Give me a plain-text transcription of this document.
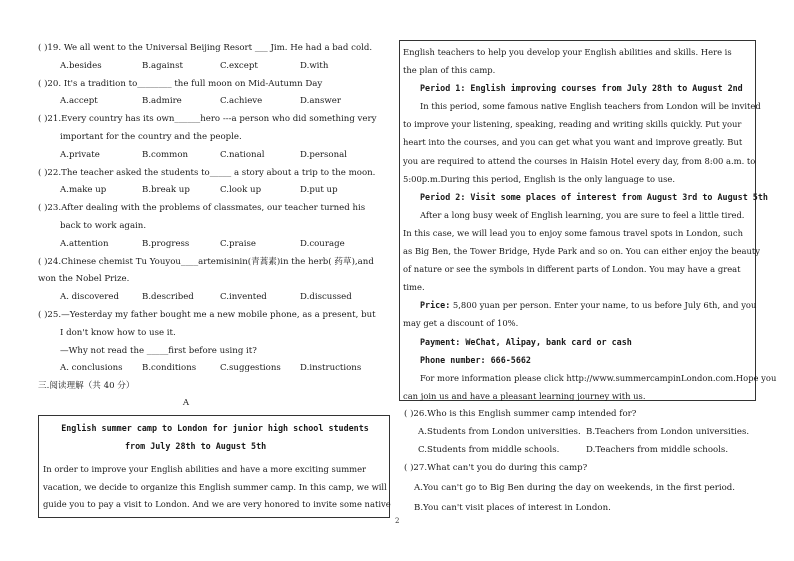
( )19. We all went to the Universal Beijing Resort ___ Jim. He had a bad cold.
A.besides	B.against	C.except	D.with
( )20. It's a tradition to________ the full moon on Mid-Autumn Day
A.accept	B.admire	C.achieve	D.answer
( )21.Every country has its own______hero ---a person who did something very
important for the country and the people.
A.private	B.common	C.national	D.personal
( )22.The teacher asked the students to_____ a story about a trip to the moon.
A.make up	B.break up	C.look up	D.put up
( )23.After dealing with the problems of classmates, our teacher turned his
back to work again.
A.attention	B.progress	C.praise	D.courage
( )24.Chinese chemist Tu Youyou____artemisinin(青蒿素)in the herb( 药草),and
won the Nobel Prize.
A. discovered	B.described	C.invented	D.discussed
( )25.—Yesterday my father bought me a new mobile phone, as a present, but
I don't know how to use it.
—Why not read the _____first before using it?
A. conclusions	B.conditions	C.suggestions	D.instructions
三.阅读理解（共 40 分）
A
English summer camp to London for junior high school students
from July 28th to August 5th
In order to improve your English abilities and have a more exciting summer
vacation, we decide to organize this English summer camp. In this camp, we will
guide you to pay a visit to London. And we are very honored to invite some native
English teachers to help you develop your English abilities and skills. Here is
the plan of this camp.
Period 1: English improving courses from July 28th to August 2nd
In this period, some famous native English teachers from London will be invited
to improve your listening, speaking, reading and writing skills quickly. Put your
heart into the courses, and you can get what you want and improve greatly. But
you are required to attend the courses in Haisin Hotel every day, from 8:00 a.m. to
5:00p.m.During this period, English is the only language to use.
Period 2: Visit some places of interest from August 3rd to August 5th
After a long busy week of English learning, you are sure to feel a little tired.
In this case, we will lead you to enjoy some famous travel spots in London, such
as Big Ben, the Tower Bridge, Hyde Park and so on. You can either enjoy the beauty
of nature or see the symbols in different parts of London. You may have a great
time.
Price: 5,800 yuan per person. Enter your name, to us before July 6th, and you
may get a discount of 10%.
Payment: WeChat, Alipay, bank card or cash
Phone number: 666-5662
For more information please click http://www.summercampinLondon.com.Hope you
can join us and have a pleasant learning journey with us.
( )26.Who is this English summer camp intended for?
A.Students from London universities. B.Teachers from London universities.
C.Students from middle schools.	D.Teachers from middle schools.
( )27.What can't you do during this camp?
A.You can't go to Big Ben during the day on weekends, in the first period.
B.You can't visit places of interest in London.
2
